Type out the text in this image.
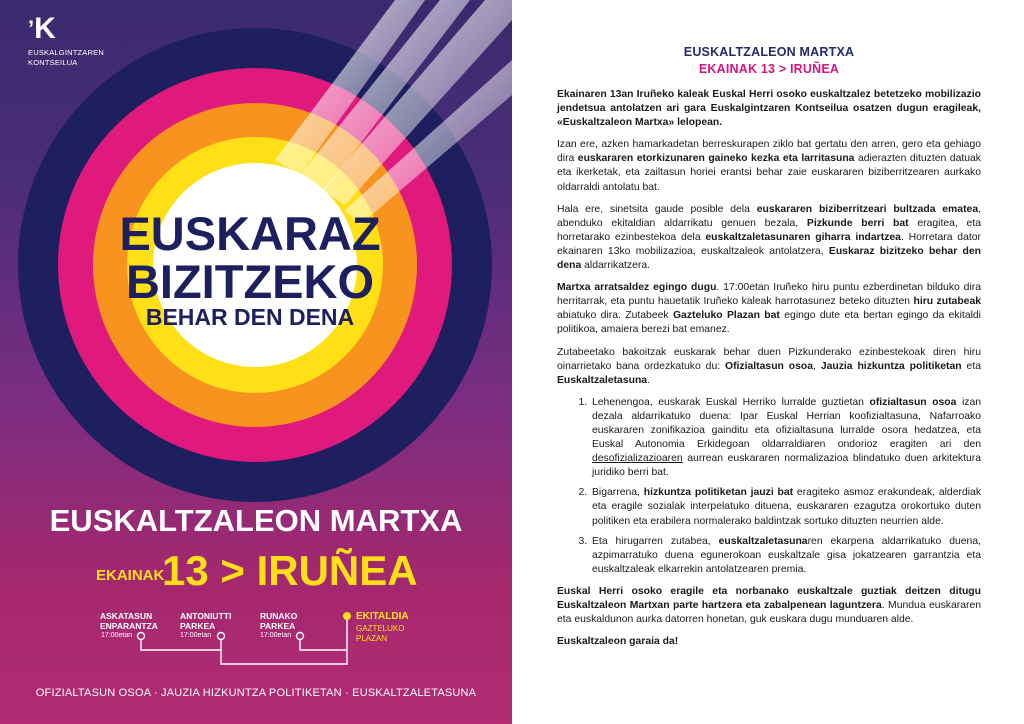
’K
EUSKALGINTZAREN
KONTSEILUA
EUSKARAZ
BIZITZEKO
BEHAR DEN DENA
EUSKALTZALEON MARTXA
EKAINAK
13 > IRUÑEA
ASKATASUN
ENPARANTZA
17:00etan
ANTONIUTTI
PARKEA
17:00etan
RUNAKO
PARKEA
17:00etan
EKITALDIA
GAZTELUKO
PLAZAN
OFIZIALTASUN OSOA · JAUZIA HIZKUNTZA POLITIKETAN · EUSKALTZALETASUNA
EUSKALTZALEON MARTXA
EKAINAK 13 > IRUÑEA

Ekainaren 13an Iruñeko kaleak Euskal Herri osoko euskaltzalez betetzeko mobilizazio jendetsua antolatzen ari gara Euskalgintzaren Kontseilua osatzen dugun eragileak, «Euskaltzaleon Martxa» lelopean.

Izan ere, azken hamarkadetan berreskurapen ziklo bat gertatu den arren, gero eta gehiago dira euskararen etorkizunaren gaineko kezka eta larritasuna adierazten dituzten datuak eta ikerketak, eta zailtasun horiei erantsi behar zaie euskararen biziberritzearen aurkako oldarraldi antolatu bat.

Hala ere, sinetsita gaude posible dela euskararen biziberritzeari bultzada ematea, abenduko ekitaldian aldarrikatu genuen bezala, Pizkunde berri bat eragitea, eta horretarako ezinbestekoa dela euskaltzaletasunaren giharra indartzea. Horretara dator ekainaren 13ko mobilizazioa, euskaltzaleok antolatzera, Euskaraz bizitzeko behar den dena aldarrikatzera.

Martxa arratsaldez egingo dugu. 17:00etan Iruñeko hiru puntu ezberdinetan bilduko dira herritarrak, eta puntu hauetatik Iruñeko kaleak harrotasunez beteko dituzten hiru zutabeak abiatuko dira. Zutabeek Gazteluko Plazan bat egingo dute eta bertan egingo da ekitaldi politikoa, amaiera berezi bat emanez.

Zutabeetako bakoitzak euskarak behar duen Pizkunderako ezinbestekoak diren hiru oinarrietako bana ordezkatuko du: Ofizialtasun osoa, Jauzia hizkuntza politiketan eta Euskaltzaletasuna.

1. Lehenengoa, euskarak Euskal Herriko lurralde guztietan ofizialtasun osoa izan dezala aldarrikatuko duena: Ipar Euskal Herrian koofizialtasuna, Nafarroako euskararen zonifikazioa gainditu eta ofizialtasuna lurralde osora hedatzea, eta Euskal Autonomia Erkidegoan oldarraldiaren ondorioz eragiten ari den desofizializazioaren aurrean euskararen normalizazioa blindatuko duen arkitektura juridiko berri bat.
2. Bigarrena, hizkuntza politiketan jauzi bat eragiteko asmoz erakundeak, alderdiak eta eragile sozialak interpelatuko dituena, euskararen ezagutza orokortuko duten politiken eta erabilera normalerako baldintzak sortuko dituzten neurrien alde.
3. Eta hirugarren zutabea, euskaltzaletasunaren ekarpena aldarrikatuko duena, azpimarratuko duena egunerokoan euskaltzale gisa jokatzearen garrantzia eta euskaltzaleak elkarrekin antolatzearen premia.

Euskal Herri osoko eragile eta norbanako euskaltzale guztiak deitzen ditugu Euskaltzaleon Martxan parte hartzera eta zabalpenean laguntzera. Mundua euskararen eta euskaldunon aurka datorren honetan, guk euskara dugu munduaren alde.

Euskaltzaleon garaia da!
